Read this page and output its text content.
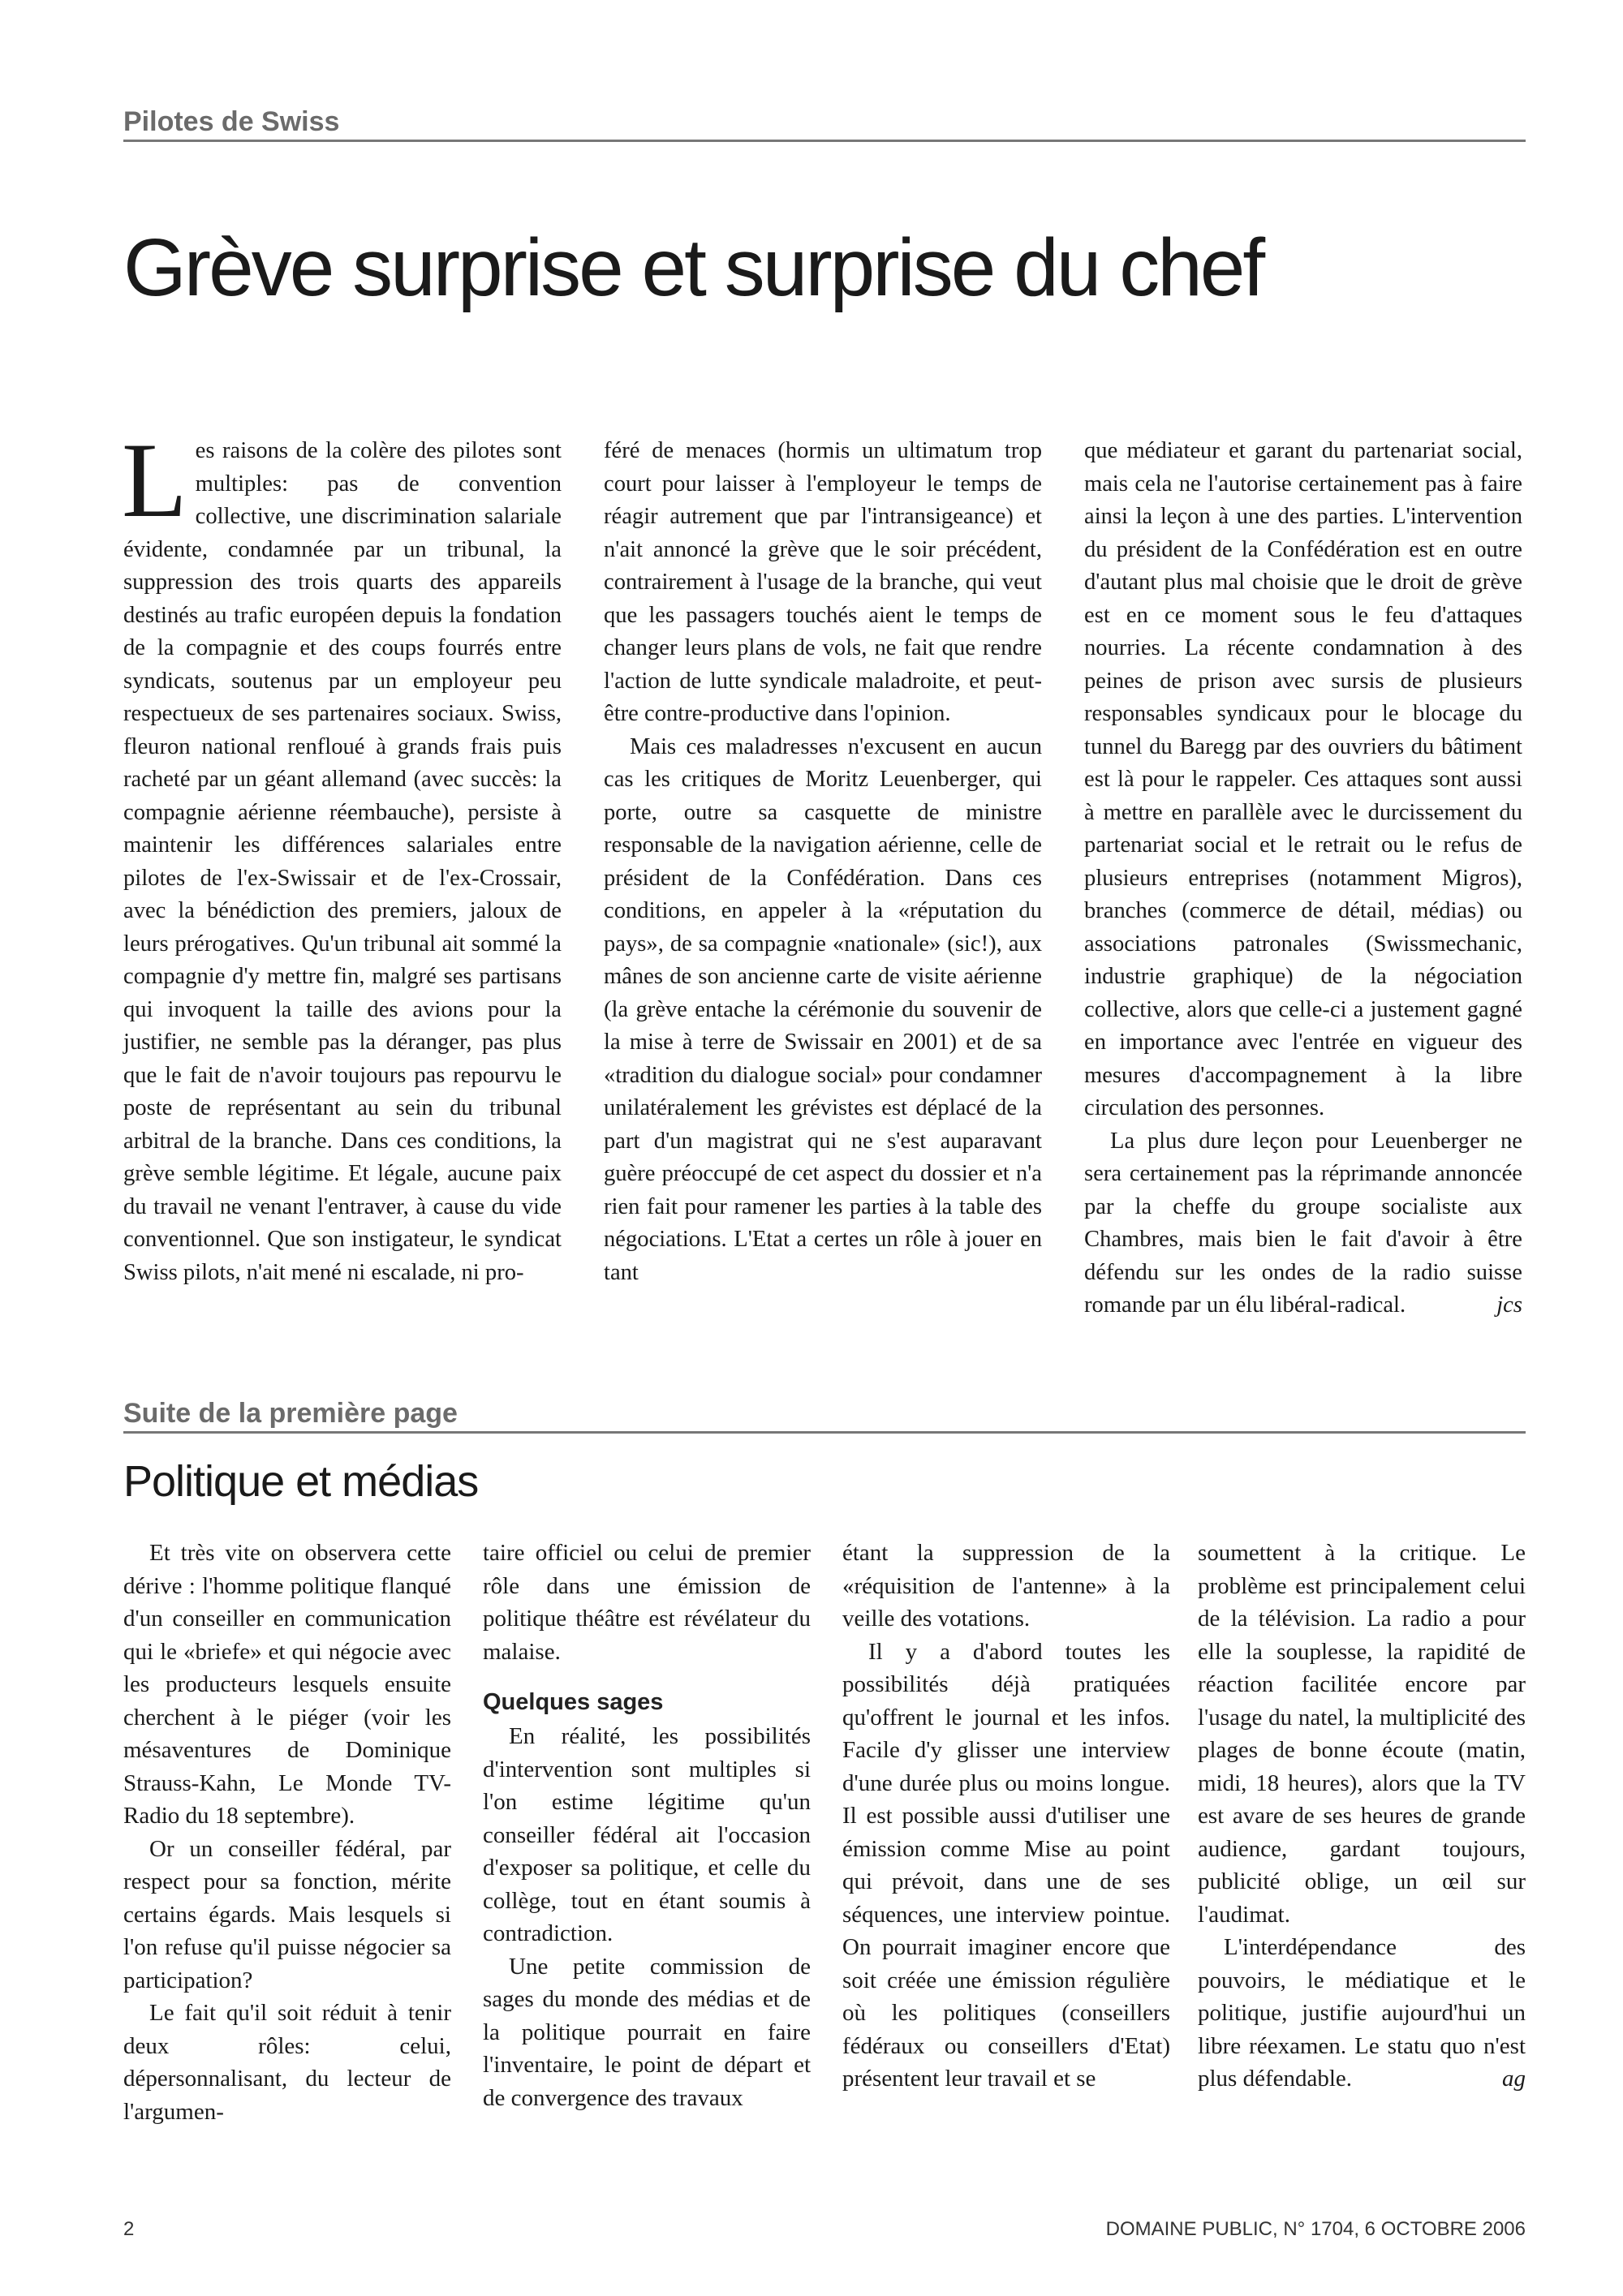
Pilotes de Swiss
Grève surprise et surprise du chef

Les raisons de la colère des pilotes sont multiples: pas de convention collective, une discrimination salariale évidente, condamnée par un tribunal, la suppression des trois quarts des appareils destinés au trafic européen depuis la fondation de la compagnie et des coups fourrés entre syndicats, soutenus par un employeur peu respectueux de ses partenaires sociaux. Swiss, fleuron national renfloué à grands frais puis racheté par un géant allemand (avec succès: la compagnie aérienne réembauche), persiste à maintenir les différences salariales entre pilotes de l'ex-Swissair et de l'ex-Crossair, avec la bénédiction des premiers, jaloux de leurs prérogatives. Qu'un tribunal ait sommé la compagnie d'y mettre fin, malgré ses partisans qui invoquent la taille des avions pour la justifier, ne semble pas la déranger, pas plus que le fait de n'avoir toujours pas repourvu le poste de représentant au sein du tribunal arbitral de la branche. Dans ces conditions, la grève semble légitime. Et légale, aucune paix du travail ne venant l'entraver, à cause du vide conventionnel. Que son instigateur, le syndicat Swiss pilots, n'ait mené ni escalade, ni pro-

féré de menaces (hormis un ultimatum trop court pour laisser à l'employeur le temps de réagir autrement que par l'intransigeance) et n'ait annoncé la grève que le soir précédent, contrairement à l'usage de la branche, qui veut que les passagers touchés aient le temps de changer leurs plans de vols, ne fait que rendre l'action de lutte syndicale maladroite, et peut-être contre-productive dans l'opinion.

Mais ces maladresses n'excusent en aucun cas les critiques de Moritz Leuenberger, qui porte, outre sa casquette de ministre responsable de la navigation aérienne, celle de président de la Confédération. Dans ces conditions, en appeler à la «réputation du pays», de sa compagnie «nationale» (sic!), aux mânes de son ancienne carte de visite aérienne (la grève entache la cérémonie du souvenir de la mise à terre de Swissair en 2001) et de sa «tradition du dialogue social» pour condamner unilatéralement les grévistes est déplacé de la part d'un magistrat qui ne s'est auparavant guère préoccupé de cet aspect du dossier et n'a rien fait pour ramener les parties à la table des négociations. L'Etat a certes un rôle à jouer en tant

que médiateur et garant du partenariat social, mais cela ne l'autorise certainement pas à faire ainsi la leçon à une des parties. L'intervention du président de la Confédération est en outre d'autant plus mal choisie que le droit de grève est en ce moment sous le feu d'attaques nourries. La récente condamnation à des peines de prison avec sursis de plusieurs responsables syndicaux pour le blocage du tunnel du Baregg par des ouvriers du bâtiment est là pour le rappeler. Ces attaques sont aussi à mettre en parallèle avec le durcissement du partenariat social et le retrait ou le refus de plusieurs entreprises (notamment Migros), branches (commerce de détail, médias) ou associations patronales (Swissmechanic, industrie graphique) de la négociation collective, alors que celle-ci a justement gagné en importance avec l'entrée en vigueur des mesures d'accompagnement à la libre circulation des personnes.

La plus dure leçon pour Leuenberger ne sera certainement pas la réprimande annoncée par la cheffe du groupe socialiste aux Chambres, mais bien le fait d'avoir à être défendu sur les ondes de la radio suisse romande par un élu libéral-radical.	jcs

Suite de la première page
Politique et médias

Et très vite on observera cette dérive : l'homme politique flanqué d'un conseiller en communication qui le «briefe» et qui négocie avec les producteurs lesquels ensuite cherchent à le piéger (voir les mésaventures de Dominique Strauss-Kahn, Le Monde TV-Radio du 18 septembre).

Or un conseiller fédéral, par respect pour sa fonction, mérite certains égards. Mais lesquels si l'on refuse qu'il puisse négocier sa participation?

Le fait qu'il soit réduit à tenir deux rôles: celui, dépersonnalisant, du lecteur de l'argumen-

taire officiel ou celui de premier rôle dans une émission de politique théâtre est révélateur du malaise.

Quelques sages

En réalité, les possibilités d'intervention sont multiples si l'on estime légitime qu'un conseiller fédéral ait l'occasion d'exposer sa politique, et celle du collège, tout en étant soumis à contradiction.

Une petite commission de sages du monde des médias et de la politique pourrait en faire l'inventaire, le point de départ et de convergence des travaux

étant la suppression de la «réquisition de l'antenne» à la veille des votations.

Il y a d'abord toutes les possibilités déjà pratiquées qu'offrent le journal et les infos. Facile d'y glisser une interview d'une durée plus ou moins longue. Il est possible aussi d'utiliser une émission comme Mise au point qui prévoit, dans une de ses séquences, une interview pointue. On pourrait imaginer encore que soit créée une émission régulière où les politiques (conseillers fédéraux ou conseillers d'Etat) présentent leur travail et se

soumettent à la critique. Le problème est principalement celui de la télévision. La radio a pour elle la souplesse, la rapidité de réaction facilitée encore par l'usage du natel, la multiplicité des plages de bonne écoute (matin, midi, 18 heures), alors que la TV est avare de ses heures de grande audience, gardant toujours, publicité oblige, un œil sur l'audimat.

L'interdépendance des pouvoirs, le médiatique et le politique, justifie aujourd'hui un libre réexamen. Le statu quo n'est plus défendable.	ag

2	DOMAINE PUBLIC, N° 1704, 6 OCTOBRE 2006
